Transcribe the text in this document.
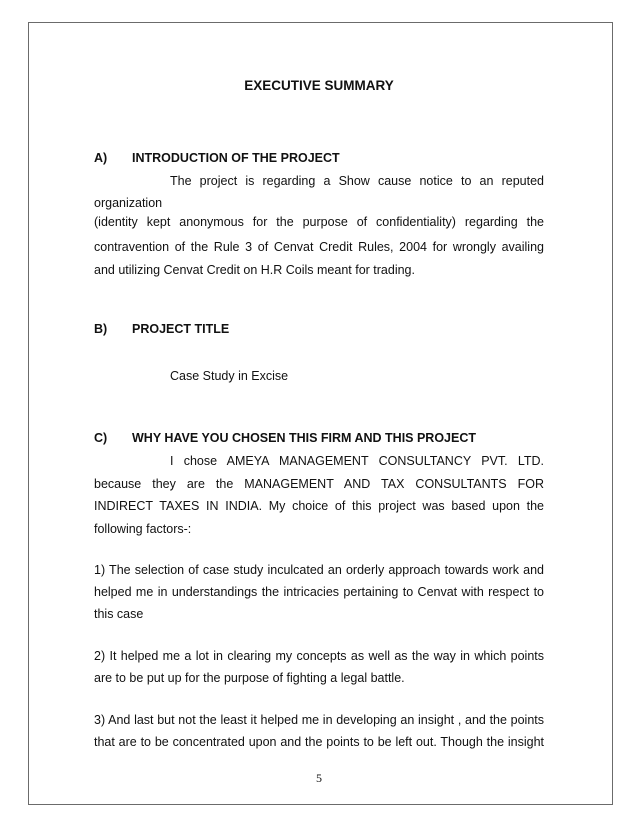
EXECUTIVE SUMMARY
A) INTRODUCTION OF THE PROJECT
The project is regarding a Show cause notice to an reputed
organization
(identity kept anonymous for the purpose of confidentiality) regarding the
contravention of the Rule 3 of Cenvat Credit Rules, 2004 for wrongly availing
and utilizing Cenvat Credit on H.R Coils meant for trading.
B) PROJECT TITLE
Case Study in Excise
C) WHY HAVE YOU CHOSEN THIS FIRM AND THIS PROJECT
I chose AMEYA MANAGEMENT CONSULTANCY PVT. LTD.
because they are the MANAGEMENT AND TAX CONSULTANTS FOR
INDIRECT TAXES IN INDIA. My choice of this project was based upon the
following factors-:
1) The selection of case study inculcated an orderly approach towards work and
helped me in understandings the intricacies pertaining to Cenvat with respect to
this case
2) It helped me a lot in clearing my concepts as well as the way in which points
are to be put up for the purpose of fighting a legal battle.
3) And last but not the least it helped me in developing an insight , and the points
that are to be concentrated upon and the points to be left out. Though the insight
5
